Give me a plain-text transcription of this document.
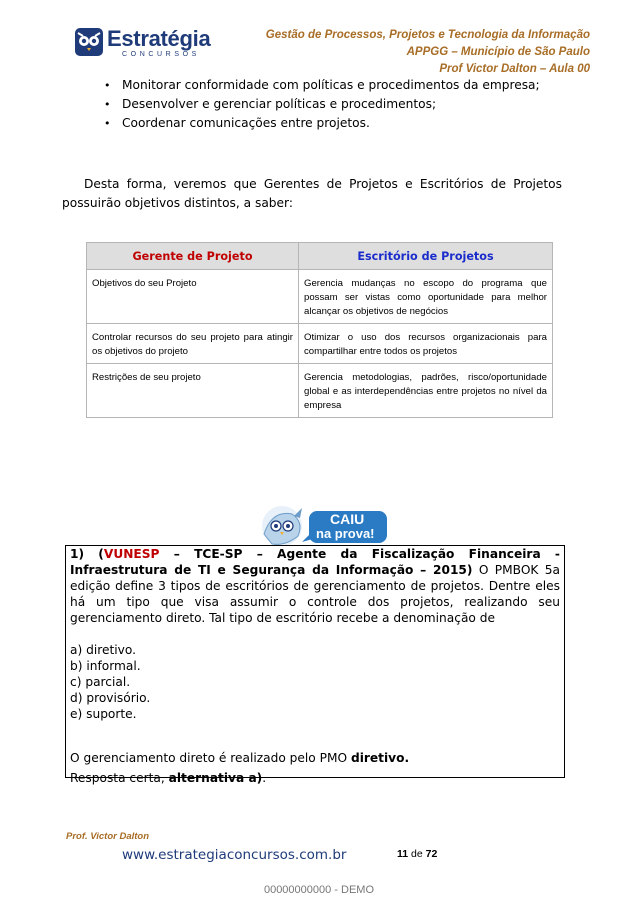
Estratégia
CONCURSOS
Gestão de Processos, Projetos e Tecnologia da Informação
APPGG – Município de São Paulo
Prof Victor Dalton – Aula 00
• Monitorar conformidade com políticas e procedimentos da empresa;
• Desenvolver e gerenciar políticas e procedimentos;
• Coordenar comunicações entre projetos.
Desta forma, veremos que Gerentes de Projetos e Escritórios de Projetos possuirão objetivos distintos, a saber:
Gerente de Projeto	Escritório de Projetos
Objetivos do seu Projeto	Gerencia mudanças no escopo do programa que possam ser vistas como oportunidade para melhor alcançar os objetivos de negócios
Controlar recursos do seu projeto para atingir os objetivos do projeto	Otimizar o uso dos recursos organizacionais para compartilhar entre todos os projetos
Restrições de seu projeto	Gerencia metodologias, padrões, risco/oportunidade global e as interdependências entre projetos no nível da empresa
CAIU
na prova!

1) (VUNESP – TCE-SP – Agente da Fiscalização Financeira - Infraestrutura de TI e Segurança da Informação – 2015) O PMBOK 5a edição define 3 tipos de escritórios de gerenciamento de projetos. Dentre eles há um tipo que visa assumir o controle dos projetos, realizando seu gerenciamento direto. Tal tipo de escritório recebe a denominação de

a) diretivo.

b) informal.

c) parcial.

d) provisório.

e) suporte.

O gerenciamento direto é realizado pelo PMO diretivo.

Resposta certa, alternativa a).

Prof. Victor Dalton
www.estrategiaconcursos.com.br	11 de 72
00000000000 - DEMO
